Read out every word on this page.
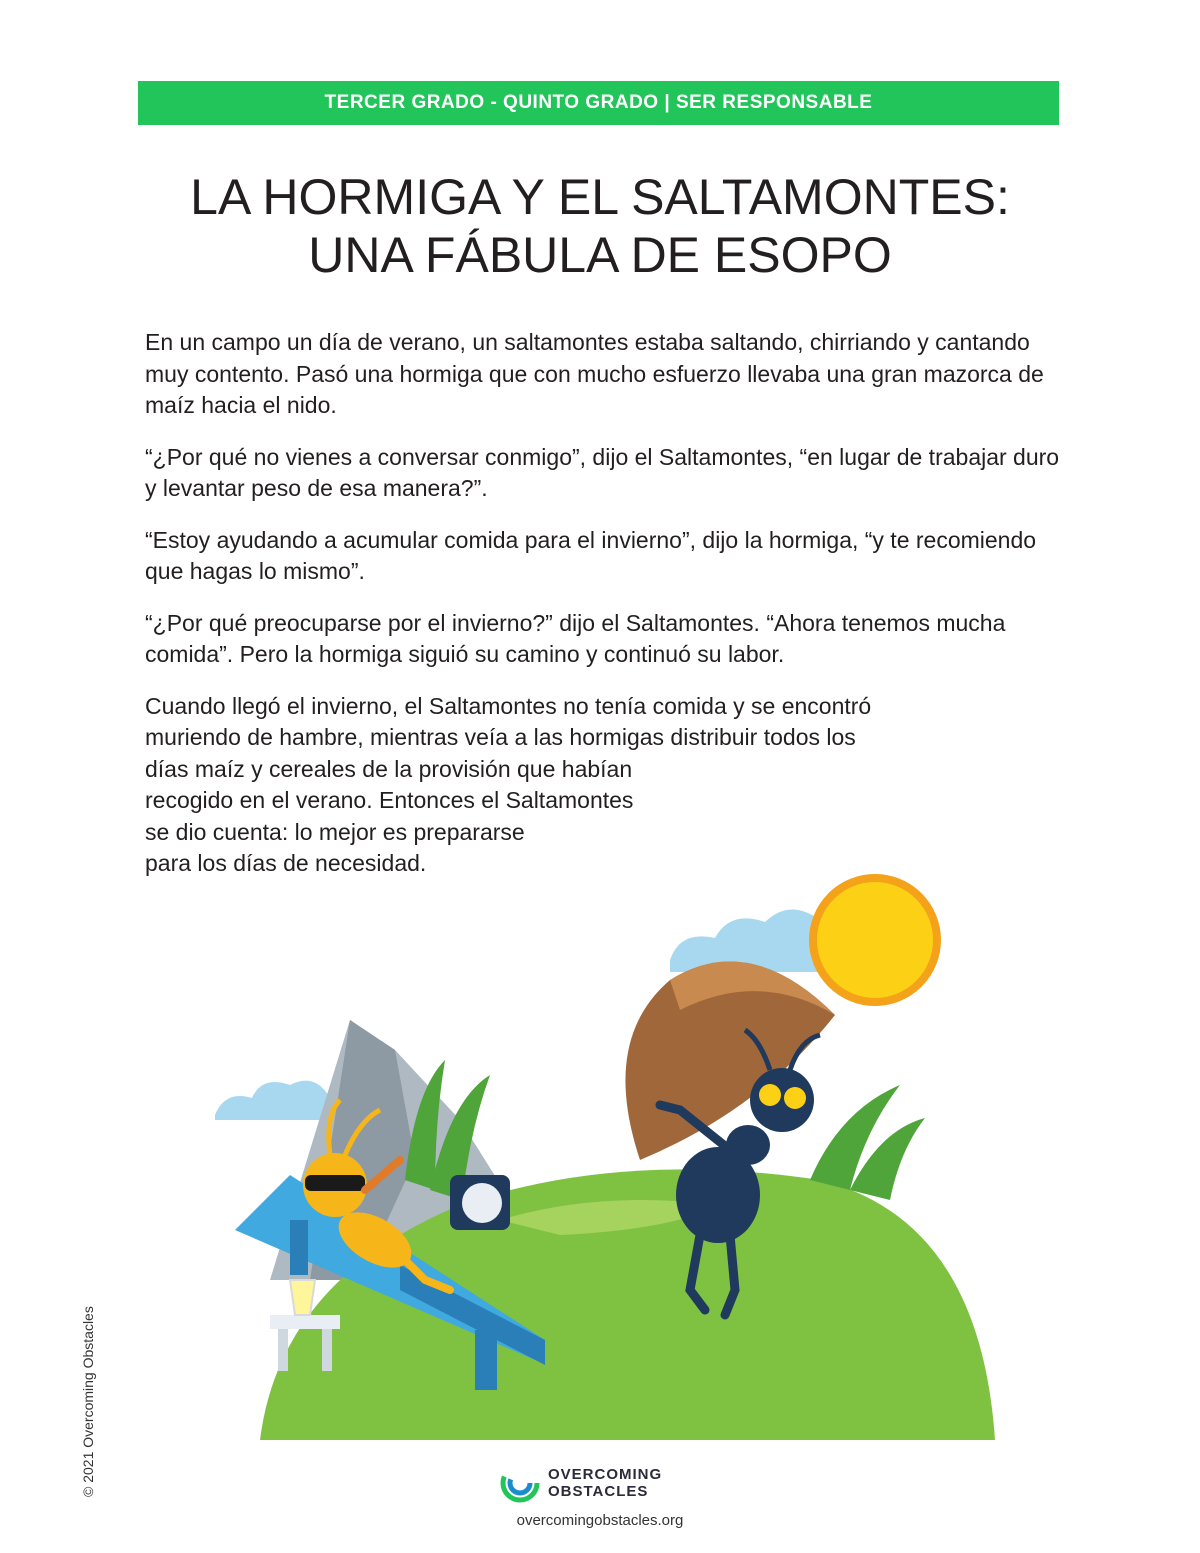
TERCER GRADO - QUINTO GRADO | SER RESPONSABLE
LA HORMIGA Y EL SALTAMONTES:
UNA FÁBULA DE ESOPO

En un campo un día de verano, un saltamontes estaba saltando, chirriando y cantando muy contento. Pasó una hormiga que con mucho esfuerzo llevaba una gran mazorca de maíz hacia el nido.

“¿Por qué no vienes a conversar conmigo”, dijo el Saltamontes, “en lugar de trabajar duro y levantar peso de esa manera?”.

“Estoy ayudando a acumular comida para el invierno”, dijo la hormiga, “y te recomiendo que hagas lo mismo”.

“¿Por qué preocuparse por el invierno?” dijo el Saltamontes. “Ahora tenemos mucha comida”. Pero la hormiga siguió su camino y continuó su labor.

Cuando llegó el invierno, el Saltamontes no tenía comida y se encontró
muriendo de hambre, mientras veía a las hormigas distribuir todos los
días maíz y cereales de la provisión que habían
recogido en el verano. Entonces el Saltamontes
se dio cuenta: lo mejor es prepararse
para los días de necesidad.

© 2021 Overcoming Obstacles	OVERCOMING
OBSTACLES
overcomingobstacles.org
